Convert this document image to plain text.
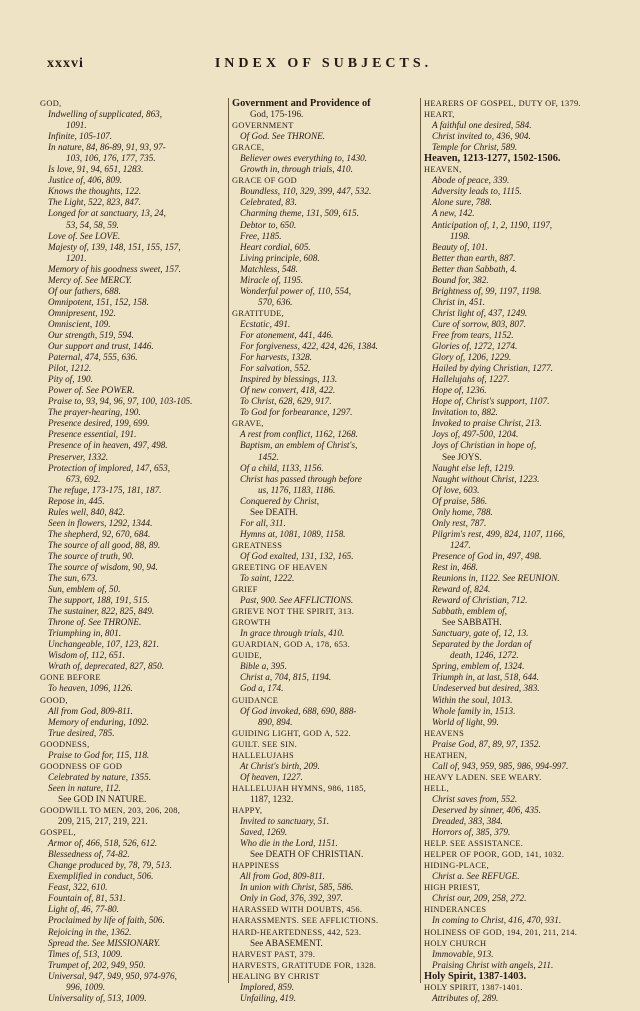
xxxvi	INDEX OF SUBJECTS.
GOD,
Indwelling of supplicated, 863,
1091.
Infinite, 105-107.
In nature, 84, 86-89, 91, 93, 97-
103, 106, 176, 177, 735.
Is love, 91, 94, 651, 1283.
Justice of, 406, 809.
Knows the thoughts, 122.
The Light, 522, 823, 847.
Longed for at sanctuary, 13, 24,
53, 54, 58, 59.
Love of. See LOVE.
Majesty of, 139, 148, 151, 155, 157,
1201.
Memory of his goodness sweet, 157.
Mercy of. See MERCY.
Of our fathers, 688.
Omnipotent, 151, 152, 158.
Omnipresent, 192.
Omniscient, 109.
Our strength, 519, 594.
Our support and trust, 1446.
Paternal, 474, 555, 636.
Pilot, 1212.
Pity of, 190.
Power of. See POWER.
Praise to, 93, 94, 96, 97, 100, 103-105.
The prayer-hearing, 190.
Presence desired, 199, 699.
Presence essential, 191.
Presence of in heaven, 497, 498.
Preserver, 1332.
Protection of implored, 147, 653,
673, 692.
The refuge, 173-175, 181, 187.
Repose in, 445.
Rules well, 840, 842.
Seen in flowers, 1292, 1344.
The shepherd, 92, 670, 684.
The source of all good, 88, 89.
The source of truth, 90.
The source of wisdom, 90, 94.
The sun, 673.
Sun, emblem of, 50.
The support, 188, 191, 515.
The sustainer, 822, 825, 849.
Throne of. See THRONE.
Triumphing in, 801.
Unchangeable, 107, 123, 821.
Wisdom of, 112, 651.
Wrath of, deprecated, 827, 850.
GONE BEFORE
To heaven, 1096, 1126.
GOOD,
All from God, 809-811.
Memory of enduring, 1092.
True desired, 785.
GOODNESS,
Praise to God for, 115, 118.
GOODNESS OF GOD
Celebrated by nature, 1355.
Seen in nature, 112.
See GOD IN NATURE.
GOODWILL TO MEN, 203, 206, 208,
209, 215, 217, 219, 221.
GOSPEL,
Armor of, 466, 518, 526, 612.
Blessedness of, 74-82.
Change produced by, 78, 79, 513.
Exemplified in conduct, 506.
Feast, 322, 610.
Fountain of, 81, 531.
Light of, 46, 77-80.
Proclaimed by life of faith, 506.
Rejoicing in the, 1362.
Spread the. See MISSIONARY.
Times of, 513, 1009.
Trumpet of, 202, 949, 950.
Universal, 947, 949, 950, 974-976,
996, 1009.
Universality of, 513, 1009.
Government and Providence of
God, 175-196.
GOVERNMENT
Of God. See THRONE.
GRACE,
Believer owes everything to, 1430.
Growth in, through trials, 410.
GRACE OF GOD
Boundless, 110, 329, 399, 447, 532.
Celebrated, 83.
Charming theme, 131, 509, 615.
Debtor to, 650.
Free, 1185.
Heart cordial, 605.
Living principle, 608.
Matchless, 548.
Miracle of, 1195.
Wonderful power of, 110, 554,
570, 636.
GRATITUDE,
Ecstatic, 491.
For atonement, 441, 446.
For forgiveness, 422, 424, 426, 1384.
For harvests, 1328.
For salvation, 552.
Inspired by blessings, 113.
Of new convert, 418, 422.
To Christ, 628, 629, 917.
To God for forbearance, 1297.
GRAVE,
A rest from conflict, 1162, 1268.
Baptism, an emblem of Christ's,
1452.
Of a child, 1133, 1156.
Christ has passed through before
us, 1176, 1183, 1186.
Conquered by Christ,
See DEATH.
For all, 311.
Hymns at, 1081, 1089, 1158.
GREATNESS
Of God exalted, 131, 132, 165.
GREETING OF HEAVEN
To saint, 1222.
GRIEF
Past, 900. See AFFLICTIONS.
GRIEVE NOT THE SPIRIT, 313.
GROWTH
In grace through trials, 410.
GUARDIAN, GOD A, 178, 653.
GUIDE,
Bible a, 395.
Christ a, 704, 815, 1194.
God a, 174.
GUIDANCE
Of God invoked, 688, 690, 888-
890, 894.
GUIDING LIGHT, GOD A, 522.
GUILT. SEE SIN.
HALLELUJAHS
At Christ's birth, 209.
Of heaven, 1227.
HALLELUJAH HYMNS, 986, 1185,
1187, 1232.
HAPPY,
Invited to sanctuary, 51.
Saved, 1269.
Who die in the Lord, 1151.
See DEATH OF CHRISTIAN.
HAPPINESS
All from God, 809-811.
In union with Christ, 585, 586.
Only in God, 376, 392, 397.
HARASSED WITH DOUBTS, 456.
HARASSMENTS. SEE AFFLICTIONS.
HARD-HEARTEDNESS, 442, 523.
See ABASEMENT.
HARVEST PAST, 379.
HARVESTS, GRATITUDE FOR, 1328.
HEALING BY CHRIST
Implored, 859.
Unfailing, 419.
HEARERS OF GOSPEL, DUTY OF, 1379.
HEART,
A faithful one desired, 584.
Christ invited to, 436, 904.
Temple for Christ, 589.
Heaven, 1213-1277, 1502-1506.
HEAVEN,
Abode of peace, 339.
Adversity leads to, 1115.
Alone sure, 788.
A new, 142.
Anticipation of, 1, 2, 1190, 1197,
1198.
Beauty of, 101.
Better than earth, 887.
Better than Sabbath, 4.
Bound for, 382.
Brightness of, 99, 1197, 1198.
Christ in, 451.
Christ light of, 437, 1249.
Cure of sorrow, 803, 807.
Free from tears, 1152.
Glories of, 1272, 1274.
Glory of, 1206, 1229.
Hailed by dying Christian, 1277.
Hallelujahs of, 1227.
Hope of, 1236.
Hope of, Christ's support, 1107.
Invitation to, 882.
Invoked to praise Christ, 213.
Joys of, 497-500, 1204.
Joys of Christian in hope of,
See JOYS.
Naught else left, 1219.
Naught without Christ, 1223.
Of love, 603.
Of praise, 586.
Only home, 788.
Only rest, 787.
Pilgrim's rest, 499, 824, 1107, 1166,
1247.
Presence of God in, 497, 498.
Rest in, 468.
Reunions in, 1122. See REUNION.
Reward of, 824.
Reward of Christian, 712.
Sabbath, emblem of,
See SABBATH.
Sanctuary, gate of, 12, 13.
Separated by the Jordan of
death, 1246, 1272.
Spring, emblem of, 1324.
Triumph in, at last, 518, 644.
Undeserved but desired, 383.
Within the soul, 1013.
Whole family in, 1513.
World of light, 99.
HEAVENS
Praise God, 87, 89, 97, 1352.
HEATHEN,
Call of, 943, 959, 985, 986, 994-997.
HEAVY LADEN. SEE WEARY.
HELL,
Christ saves from, 552.
Deserved by sinner, 406, 435.
Dreaded, 383, 384.
Horrors of, 385, 379.
HELP. SEE ASSISTANCE.
HELPER OF POOR, GOD, 141, 1032.
HIDING-PLACE,
Christ a. See REFUGE.
HIGH PRIEST,
Christ our, 209, 258, 272.
HINDERANCES
In coming to Christ, 416, 470, 931.
HOLINESS OF GOD, 194, 201, 211, 214.
HOLY CHURCH
Immovable, 913.
Praising Christ with angels, 211.
Holy Spirit, 1387-1403.
HOLY SPIRIT, 1387-1401.
Attributes of, 289.
